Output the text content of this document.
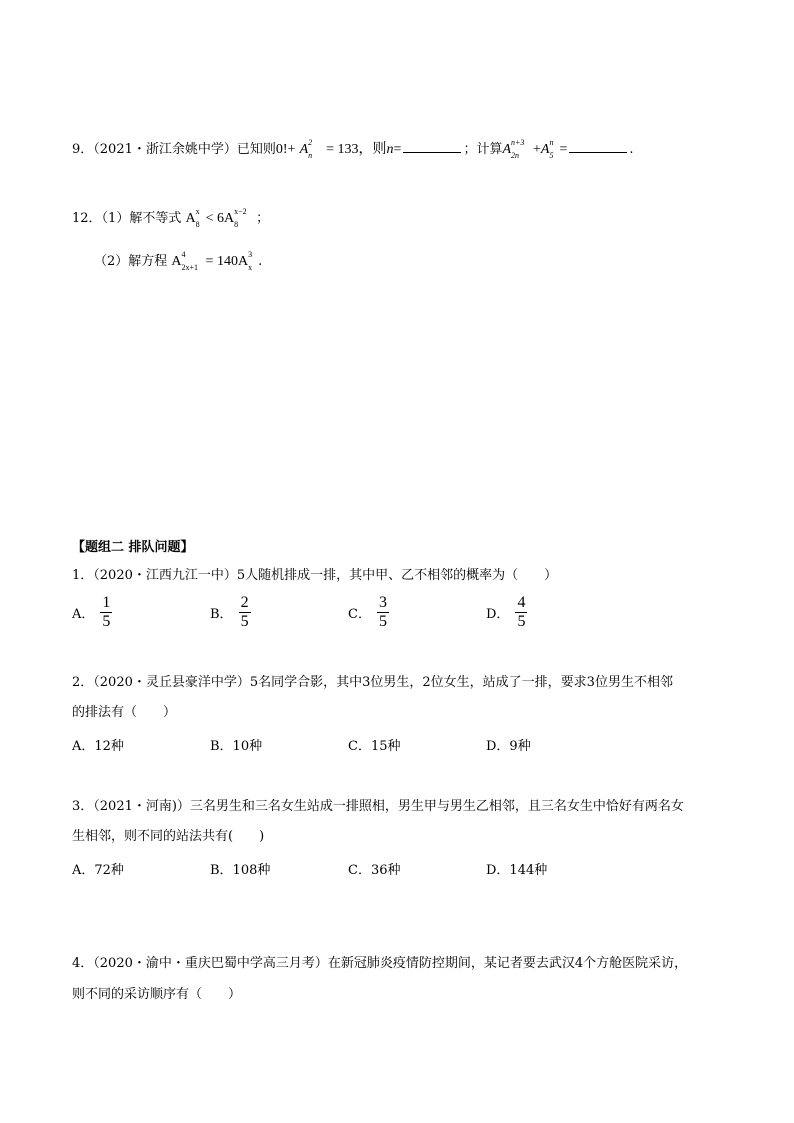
9．（2021・浙江余姚中学）已知则0!+ A 2
n = 133，则n=	；计算A n+3
2n +A n
5 =	.
12．（1）解不等式 A x
8 < 6A x−2
8 ；
（2）解方程 A 4
2x+1 = 140A 3
x .
【题组二 排队问题】
1．（2020・江西九江一中）5人随机排成一排，其中甲、乙不相邻的概率为（　　）
A． $\frac{1}{5}$	B． $\frac{2}{5}$	C． $\frac{3}{5}$	D． $\frac{4}{5}$
2．（2020・灵丘县豪洋中学）5名同学合影，其中3位男生，2位女生，站成了一排，要求3位男生不相邻
的排法有（　　）
A．12种	B．10种	C．15种	D．9种
3．（2021・河南)）三名男生和三名女生站成一排照相，男生甲与男生乙相邻，且三名女生中恰好有两名女
生相邻，则不同的站法共有(　　)
A．72种	B．108种	C．36种	D．144种
4．（2020・渝中・重庆巴蜀中学高三月考）在新冠肺炎疫情防控期间，某记者要去武汉4个方舱医院采访，
则不同的采访顺序有（　　）
